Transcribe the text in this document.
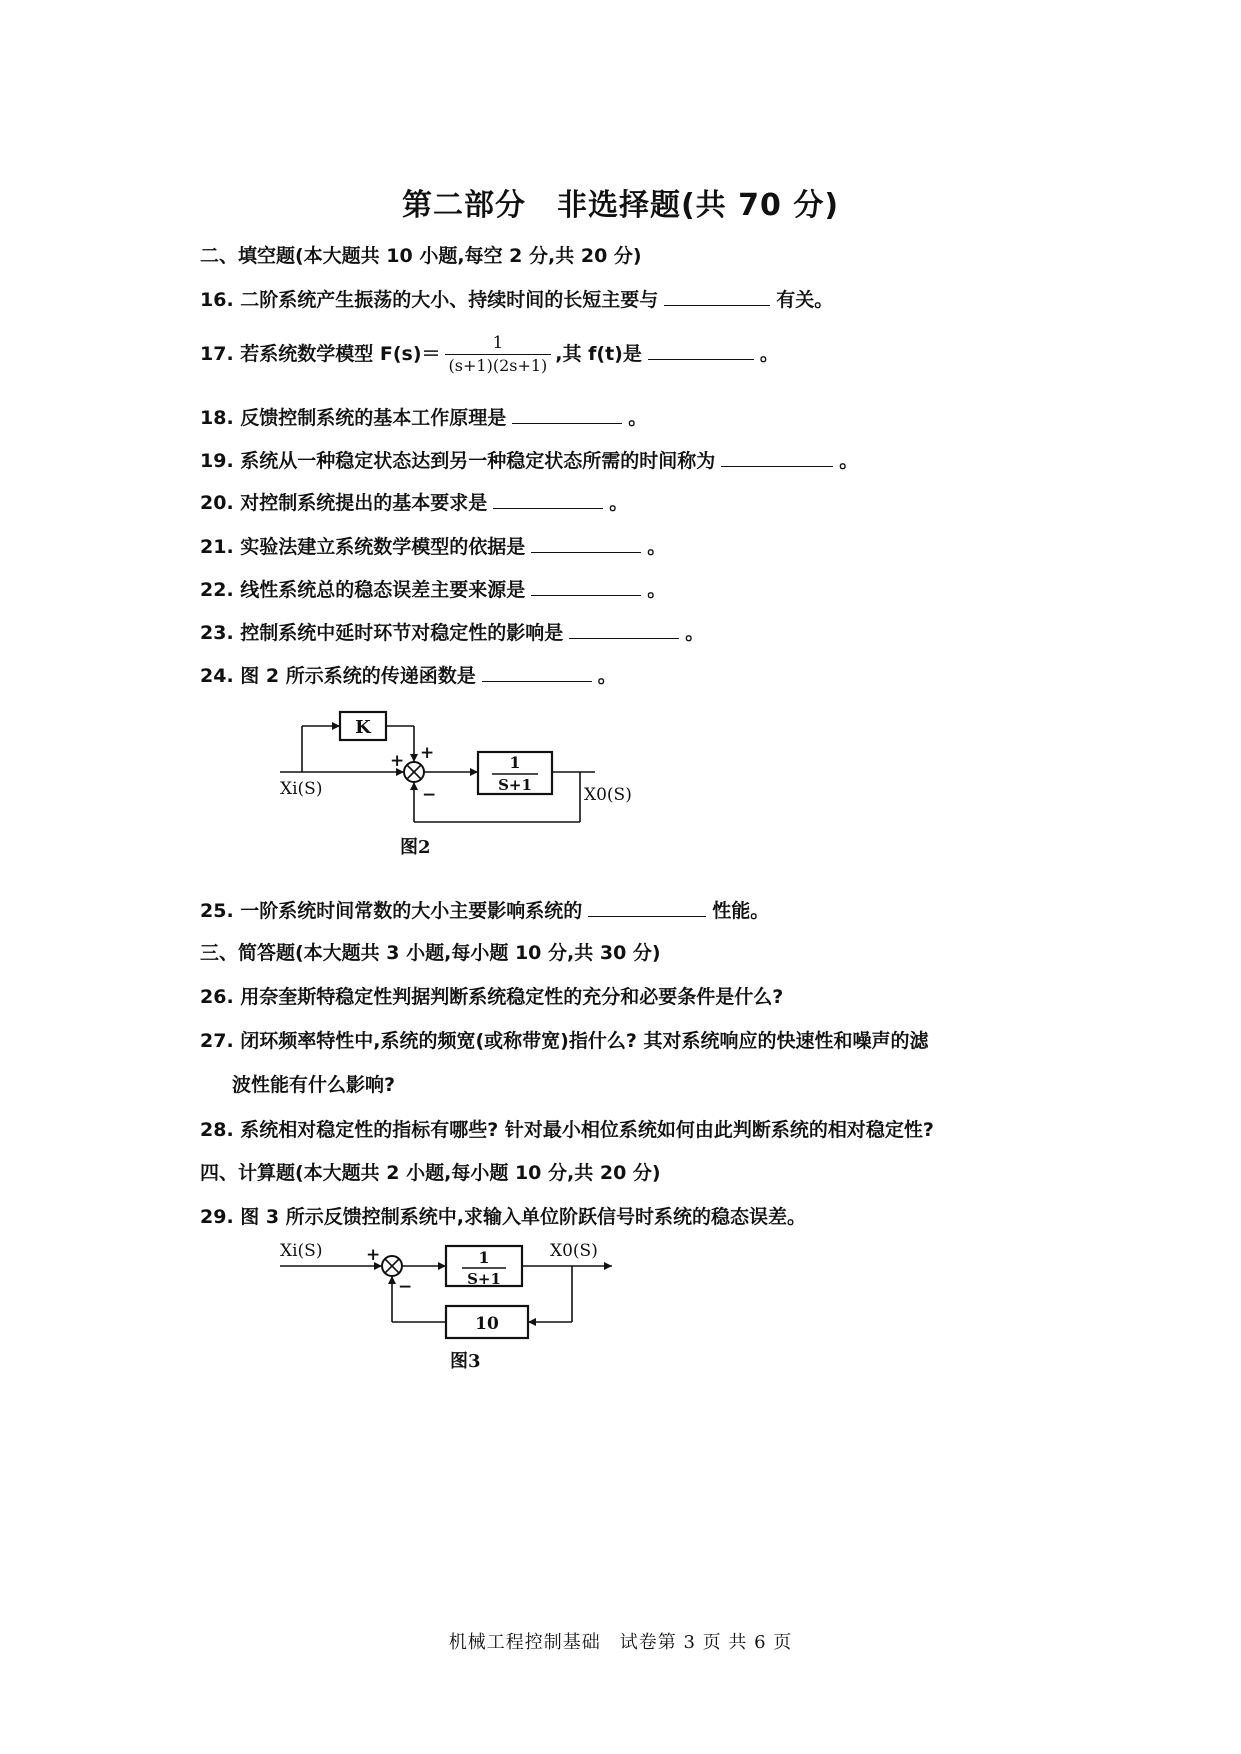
第二部分　非选择题(共 70 分)
二、填空题(本大题共 10 小题,每空 2 分,共 20 分)
16. 二阶系统产生振荡的大小、持续时间的长短主要与	有关。
17. 若系统数学模型 $F(s)= \frac{1}{(s+1)(2s+1)}$ ,其 f(t)是	。
18. 反馈控制系统的基本工作原理是	。
19. 系统从一种稳定状态达到另一种稳定状态所需的时间称为	。
20. 对控制系统提出的基本要求是	。
21. 实验法建立系统数学模型的依据是	。
22. 线性系统总的稳态误差主要来源是	。
23. 控制系统中延时环节对稳定性的影响是	。
24. 图 2 所示系统的传递函数是	。
K
1
S+1
Xi(S)	X0(S)
+ +
−
图2
25. 一阶系统时间常数的大小主要影响系统的	性能。
三、简答题(本大题共 3 小题,每小题 10 分,共 30 分)
26. 用奈奎斯特稳定性判据判断系统稳定性的充分和必要条件是什么?
27. 闭环频率特性中,系统的频宽(或称带宽)指什么? 其对系统响应的快速性和噪声的滤
波性能有什么影响?
28. 系统相对稳定性的指标有哪些? 针对最小相位系统如何由此判断系统的相对稳定性?
四、计算题(本大题共 2 小题,每小题 10 分,共 20 分)
29. 图 3 所示反馈控制系统中,求输入单位阶跃信号时系统的稳态误差。
1
S+1
10
Xi(S)	X0(S)
+
−
图3
机械工程控制基础　试卷第 3 页 共 6 页
